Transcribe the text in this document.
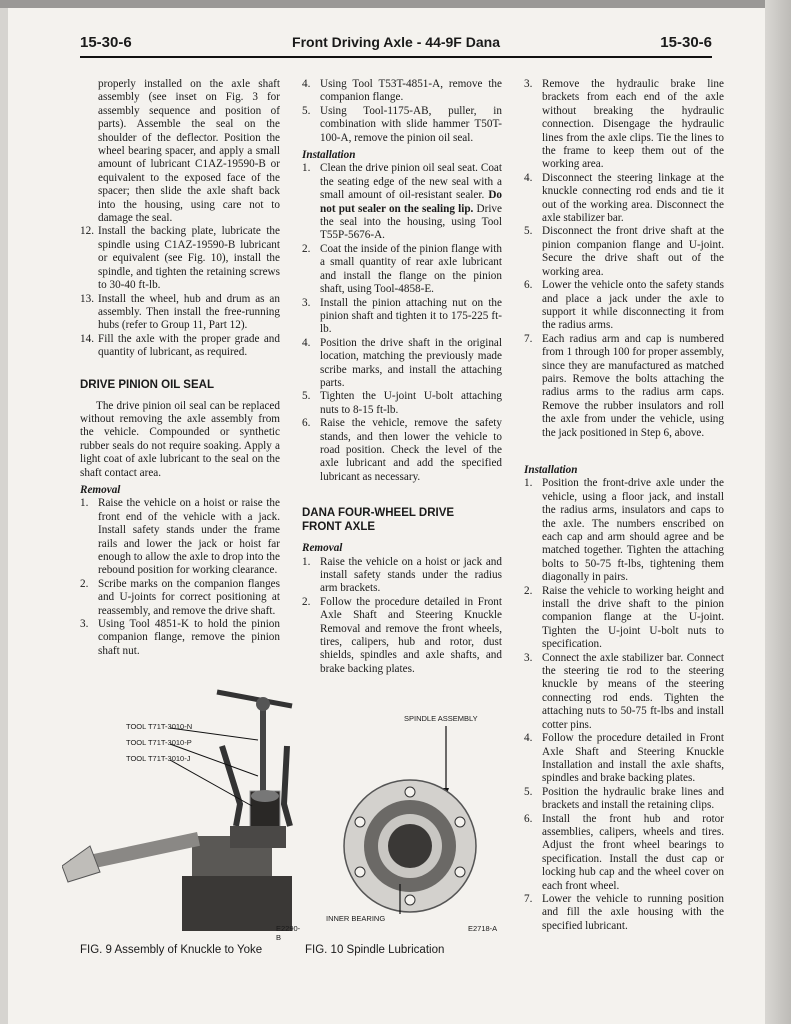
15-30-6	Front Driving Axle - 44-9F Dana	15-30-6

properly installed on the axle shaft assembly (see inset on Fig. 3 for assembly sequence and position of parts). Assemble the seal on the shoulder of the deflector. Position the wheel bearing spacer, and apply a small amount of lubricant C1AZ-19590-B or equivalent to the exposed face of the spacer; then slide the axle shaft back into the housing, using care not to damage the seal.

12. Install the backing plate, lubricate the spindle using C1AZ-19590-B lubricant or equivalent (see Fig. 10), install the spindle, and tighten the retaining screws to 30-40 ft-lb.
13. Install the wheel, hub and drum as an assembly. Then install the free-running hubs (refer to Group 11, Part 12).
14. Fill the axle with the proper grade and quantity of lubricant, as required.
DRIVE PINION OIL SEAL

The drive pinion oil seal can be replaced without removing the axle assembly from the vehicle. Compounded or synthetic rubber seals do not require soaking. Apply a light coat of axle lubricant to the seal on the shaft contact area.

Removal
1. Raise the vehicle on a hoist or raise the front end of the vehicle with a jack. Install safety stands under the frame rails and lower the jack or hoist far enough to allow the axle to drop into the rebound position for working clearance.
2. Scribe marks on the companion flanges and U-joints for correct positioning at reassembly, and remove the drive shaft.
3. Using Tool 4851-K to hold the pinion companion flange, remove the pinion shaft nut.
4. Using Tool T53T-4851-A, remove the companion flange.
5. Using Tool-1175-AB, puller, in combination with slide hammer T50T-100-A, remove the pinion oil seal.
Installation
1. Clean the drive pinion oil seal seat. Coat the seating edge of the new seal with a small amount of oil-resistant sealer. Do not put sealer on the sealing lip. Drive the seal into the housing, using Tool T55P-5676-A.
2. Coat the inside of the pinion flange with a small quantity of rear axle lubricant and install the flange on the pinion shaft, using Tool-4858-E.
3. Install the pinion attaching nut on the pinion shaft and tighten it to 175-225 ft-lb.
4. Position the drive shaft in the original location, matching the previously made scribe marks, and install the attaching parts.
5. Tighten the U-joint U-bolt attaching nuts to 8-15 ft-lb.
6. Raise the vehicle, remove the safety stands, and then lower the vehicle to road position. Check the level of the axle lubricant and add the specified lubricant as necessary.
DANA FOUR-WHEEL DRIVE
FRONT AXLE
Removal
1. Raise the vehicle on a hoist or jack and install safety stands under the radius arm brackets.
2. Follow the procedure detailed in Front Axle Shaft and Steering Knuckle Removal and remove the front wheels, tires, calipers, hub and rotor, dust shields, spindles and axle shafts, and brake backing plates.
3. Remove the hydraulic brake line brackets from each end of the axle without breaking the hydraulic connection. Disengage the hydraulic lines from the axle clips. Tie the lines to the frame to keep them out of the working area.
4. Disconnect the steering linkage at the knuckle connecting rod ends and tie it out of the working area. Disconnect the axle stabilizer bar.
5. Disconnect the front drive shaft at the pinion companion flange and U-joint. Secure the drive shaft out of the working area.
6. Lower the vehicle onto the safety stands and place a jack under the axle to support it while disconnecting it from the radius arms.
7. Each radius arm and cap is numbered from 1 through 100 for proper assembly, since they are manufactured as matched pairs. Remove the bolts attaching the radius arms to the radius arm caps. Remove the rubber insulators and roll the axle from under the vehicle, using the jack positioned in Step 6, above.
Installation
1. Position the front-drive axle under the vehicle, using a floor jack, and install the radius arms, insulators and caps to the axle. The numbers enscribed on each cap and arm should agree and be matched together. Tighten the attaching bolts to 50-75 ft-lbs, tightening them diagonally in pairs.
2. Raise the vehicle to working height and install the drive shaft to the pinion companion flange at the U-joint. Tighten the U-joint U-bolt nuts to specification.
3. Connect the axle stabilizer bar. Connect the steering tie rod to the steering knuckle by means of the steering connecting rod ends. Tighten the attaching nuts to 50-75 ft-lbs and install cotter pins.
4. Follow the procedure detailed in Front Axle Shaft and Steering Knuckle Installation and install the axle shafts, spindles and brake backing plates.
5. Position the hydraulic brake lines and brackets and install the retaining clips.
6. Install the front hub and rotor assemblies, calipers, wheels and tires. Adjust the front wheel bearings to specification. Install the dust cap or locking hub cap and the wheel cover on each front wheel.
7. Lower the vehicle to running position and fill the axle housing with the specified lubricant.
TOOL T71T-3010-N
TOOL T71T-3010-P
TOOL T71T-3010-J
E2290-B
FIG. 9 Assembly of Knuckle to Yoke
SPINDLE ASSEMBLY
INNER BEARING
E2718-A
FIG. 10 Spindle Lubrication
